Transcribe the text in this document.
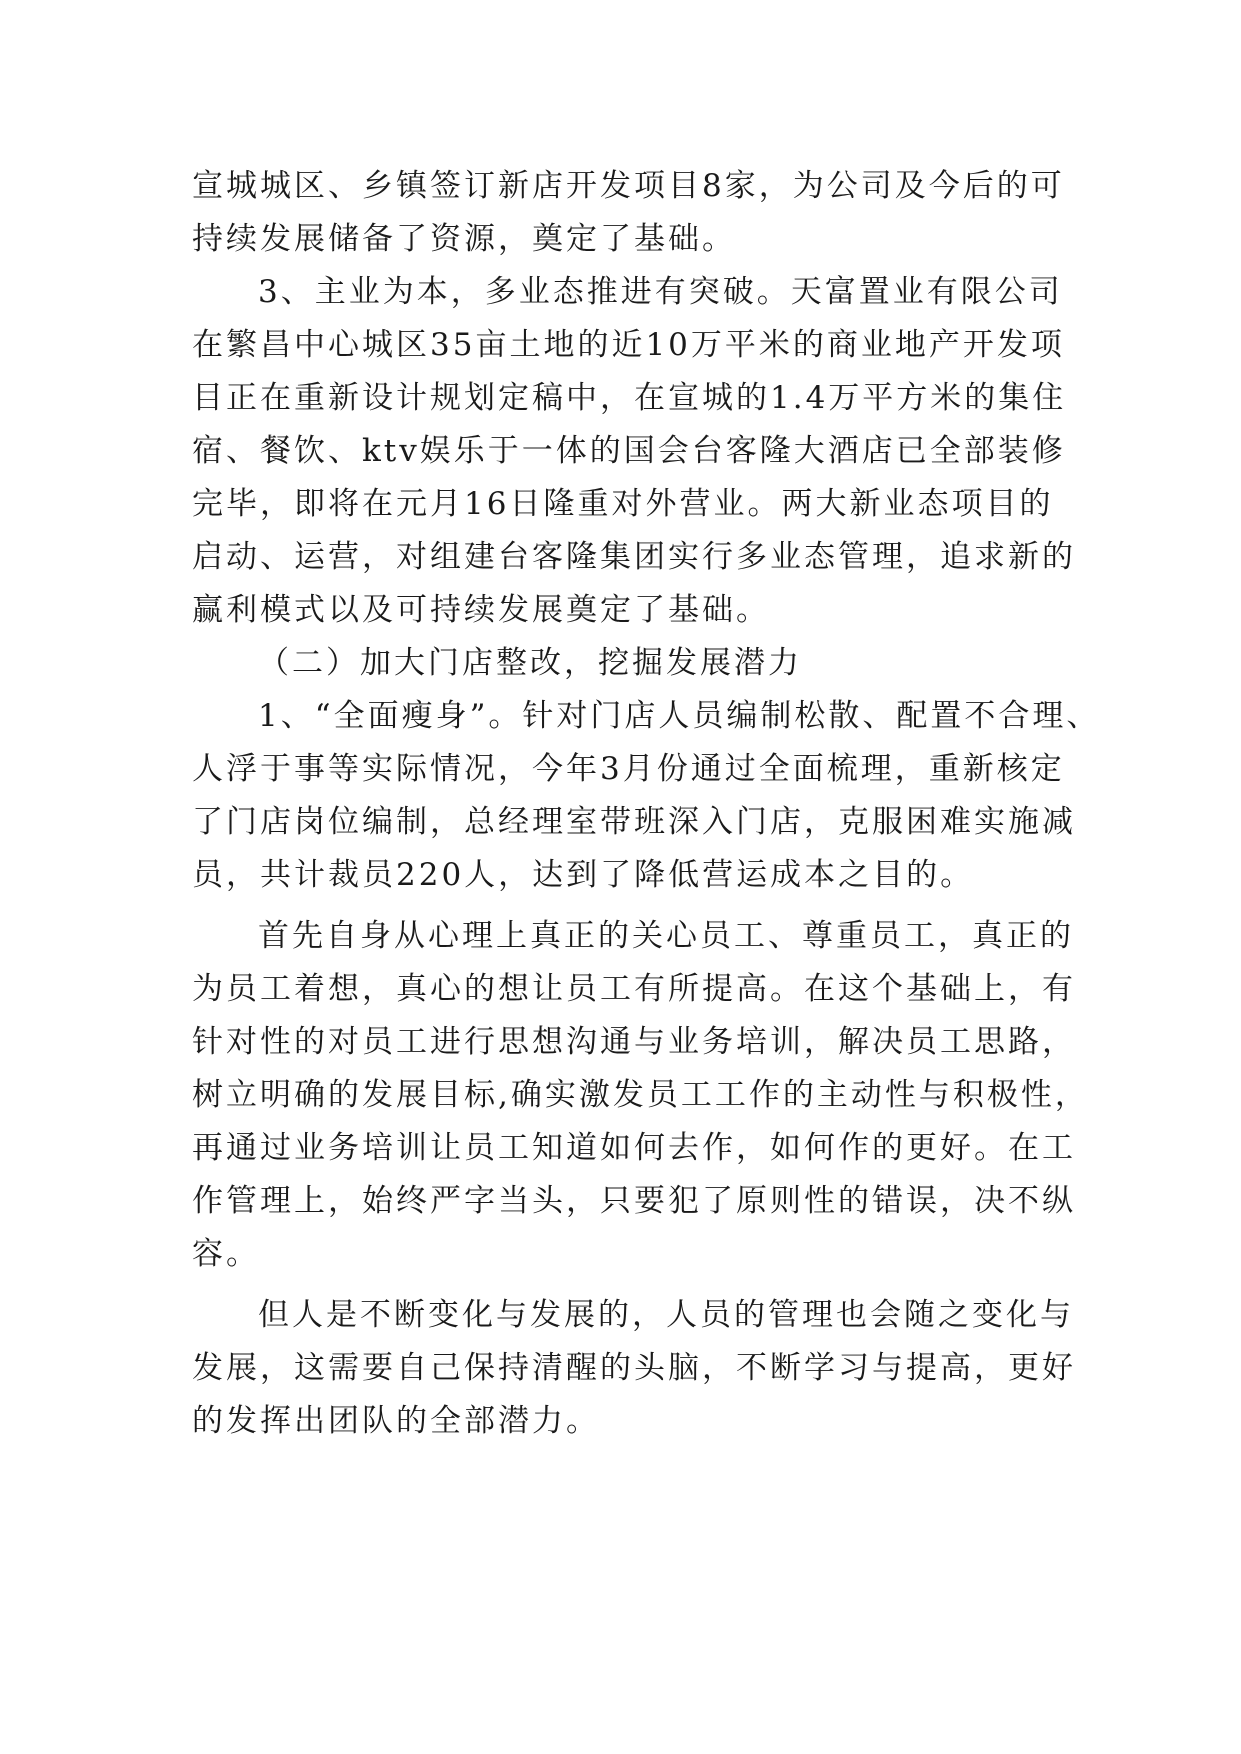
宣城城区、乡镇签订新店开发项目8家，为公司及今后的可
持续发展储备了资源，奠定了基础。
3、主业为本，多业态推进有突破。天富置业有限公司
在繁昌中心城区35亩土地的近10万平米的商业地产开发项
目正在重新设计规划定稿中，在宣城的1.4万平方米的集住
宿、餐饮、ktv娱乐于一体的国会台客隆大酒店已全部装修
完毕，即将在元月16日隆重对外营业。两大新业态项目的
启动、运营，对组建台客隆集团实行多业态管理，追求新的
赢利模式以及可持续发展奠定了基础。
（二）加大门店整改，挖掘发展潜力
1、“全面瘦身”。针对门店人员编制松散、配置不合理、
人浮于事等实际情况，今年3月份通过全面梳理，重新核定
了门店岗位编制，总经理室带班深入门店，克服困难实施减
员，共计裁员220人，达到了降低营运成本之目的。
首先自身从心理上真正的关心员工、尊重员工，真正的
为员工着想，真心的想让员工有所提高。在这个基础上，有
针对性的对员工进行思想沟通与业务培训，解决员工思路，
树立明确的发展目标,确实激发员工工作的主动性与积极性，
再通过业务培训让员工知道如何去作，如何作的更好。在工
作管理上，始终严字当头，只要犯了原则性的错误，决不纵
容。
但人是不断变化与发展的，人员的管理也会随之变化与
发展，这需要自己保持清醒的头脑，不断学习与提高，更好
的发挥出团队的全部潜力。
